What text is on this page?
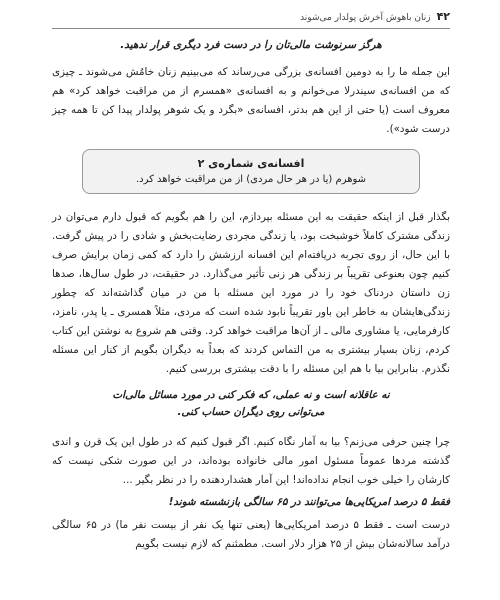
۴۲
زنان باهوش آخرش پولدار می‌شوند
هرگز سرنوشت مالی‌تان را در دست فرد دیگری قرار ندهید.

این جمله ما را به دومین افسانه‌ی بزرگی می‌رساند که می‌بینیم زنان خامُش می‌شوند ـ چیزی که من افسانه‌ی سیندرلا می‌خوانم و به افسانه‌ی «همسرم از من مراقبت خواهد کرد» هم معروف است (یا حتی از این هم بدتر، افسانه‌ی «بگرد و یک شوهر پولدار پیدا کن تا همه چیز درست شود»).

افسانه‌ی شماره‌ی ۲
شوهرم (یا در هر حال مردی) از من مراقبت خواهد کرد.

بگذار قبل از اینکه حقیقت به این مسئله بپردازم، این را هم بگویم که قبول دارم می‌توان در زندگی مشترک کاملاً خوشبخت بود، یا زندگی مجردی رضایت‌بخش و شادی را در پیش گرفت. با این حال، از روی تجربه دریافته‌ام این افسانه ارزشش را دارد که کمی زمان برایش صرف کنیم چون بعنوعی تقریباً بر زندگی هر زنی تأثیر می‌گذارد. در حقیقت، در طول سال‌ها، صدها زن داستان دردناک خود را در مورد این مسئله با من در میان گذاشته‌اند که چطور زندگی‌هایشان به خاطر این باور تقریباً نابود شده است که مردی، مثلاً همسری ـ یا پدر، نامزد، کارفرمایی، یا مشاوری مالی ـ از آن‌ها مراقبت خواهد کرد. وقتی هم شروع به نوشتن این کتاب کردم، زنان بسیار بیشتری به من التماس کردند که بعداً به دیگران بگویم از کنار این مسئله نگذرم. بنابراین بیا با هم این مسئله را با دقت بیشتری بررسی کنیم.

نه عاقلانه است و نه عملی، که فکر کنی در مورد مسائل مالی‌ات
می‌توانی روی دیگران حساب کنی.

چرا چنین حرفی می‌زنم؟ بیا به آمار نگاه کنیم. اگر قبول کنیم که در طول این یک قرن و اندی گذشته مردها عموماً مسئول امور مالی خانواده بوده‌اند، در این صورت شکی نیست که کارشان را خیلی خوب انجام نداده‌اند! این آمار هشداردهنده را در نظر بگیر ...

فقط ۵ درصد امریکایی‌ها می‌توانند در ۶۵ سالگی بازنشسته شوند!

درست است ـ فقط ۵ درصد امریکایی‌ها (یعنی تنها یک نفر از بیست نفر ما) در ۶۵ سالگی درآمد سالانه‌شان بیش از ۲۵ هزار دلار است. مطمئنم که لازم نیست بگویم
